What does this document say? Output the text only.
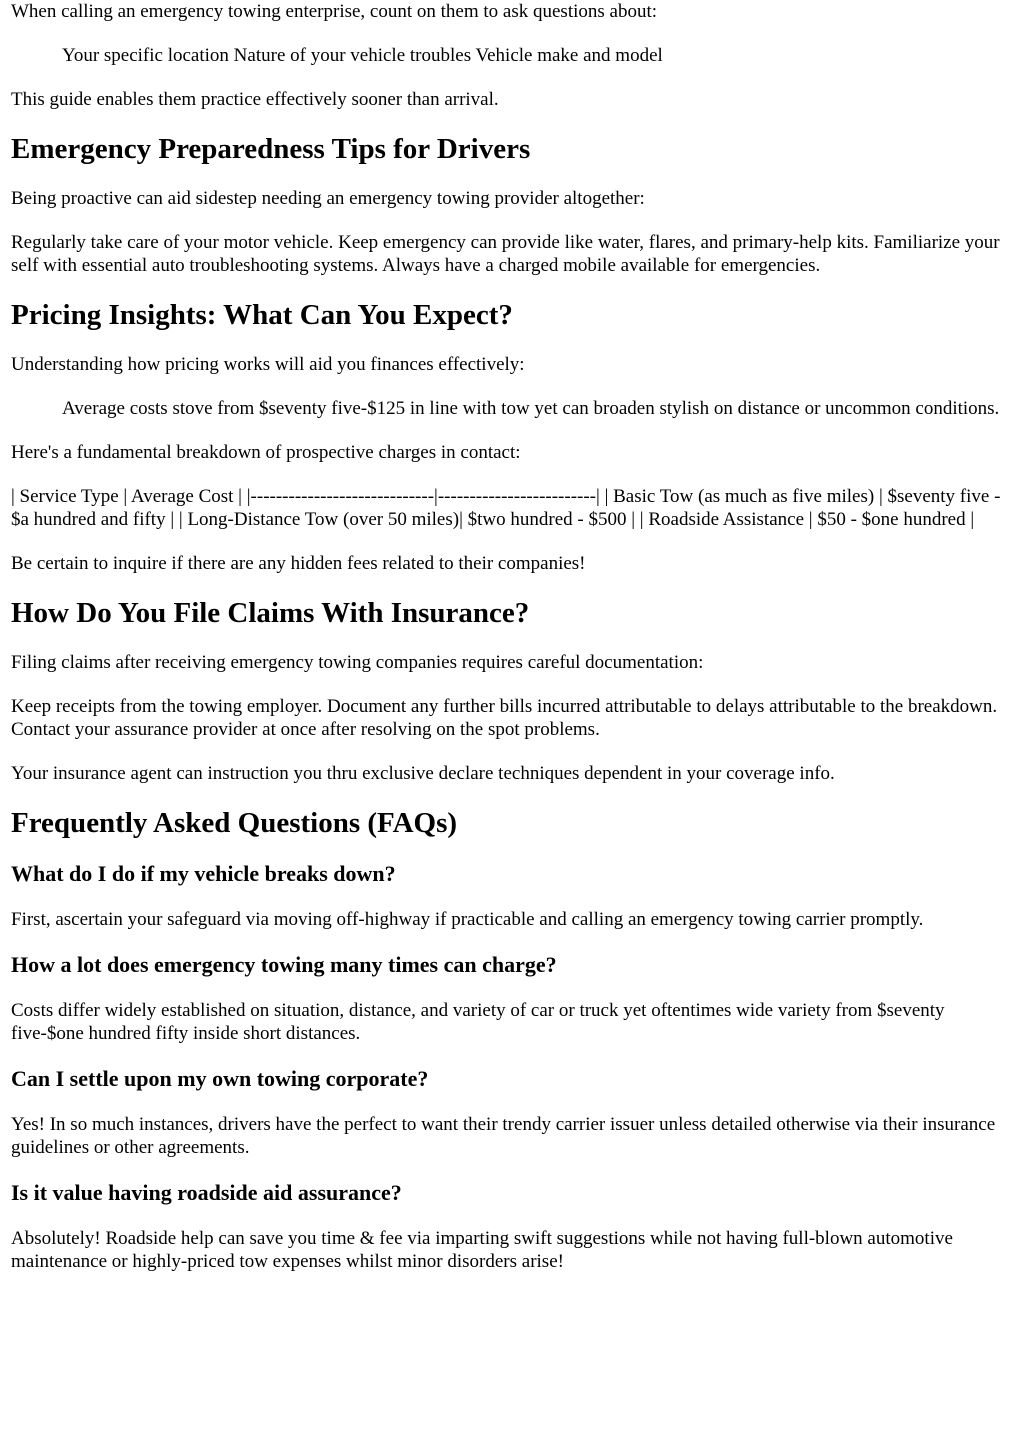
When calling an emergency towing enterprise, count on them to ask questions about:

Your specific location Nature of your vehicle troubles Vehicle make and model

This guide enables them practice effectively sooner than arrival.

Emergency Preparedness Tips for Drivers

Being proactive can aid sidestep needing an emergency towing provider altogether:

Regularly take care of your motor vehicle. Keep emergency can provide like water, flares, and primary-help kits. Familiarize your self with essential auto troubleshooting systems. Always have a charged mobile available for emergencies.

Pricing Insights: What Can You Expect?

Understanding how pricing works will aid you finances effectively:

Average costs stove from $seventy five-$125 in line with tow yet can broaden stylish on distance or uncommon conditions.

Here's a fundamental breakdown of prospective charges in contact:

| Service Type | Average Cost | |-----------------------------|-------------------------| | Basic Tow (as much as five miles) | $seventy five - $a hundred and fifty | | Long-Distance Tow (over 50 miles)| $two hundred - $500 | | Roadside Assistance | $50 - $one hundred |

Be certain to inquire if there are any hidden fees related to their companies!

How Do You File Claims With Insurance?

Filing claims after receiving emergency towing companies requires careful documentation:

Keep receipts from the towing employer. Document any further bills incurred attributable to delays attributable to the breakdown. Contact your assurance provider at once after resolving on the spot problems.

Your insurance agent can instruction you thru exclusive declare techniques dependent in your coverage info.

Frequently Asked Questions (FAQs)
What do I do if my vehicle breaks down?

First, ascertain your safeguard via moving off-highway if practicable and calling an emergency towing carrier promptly.

How a lot does emergency towing many times can charge?

Costs differ widely established on situation, distance, and variety of car or truck yet oftentimes wide variety from $seventy five-$one hundred fifty inside short distances.

Can I settle upon my own towing corporate?

Yes! In so much instances, drivers have the perfect to want their trendy carrier issuer unless detailed otherwise via their insurance guidelines or other agreements.

Is it value having roadside aid assurance?

Absolutely! Roadside help can save you time & fee via imparting swift suggestions while not having full-blown automotive maintenance or highly-priced tow expenses whilst minor disorders arise!
